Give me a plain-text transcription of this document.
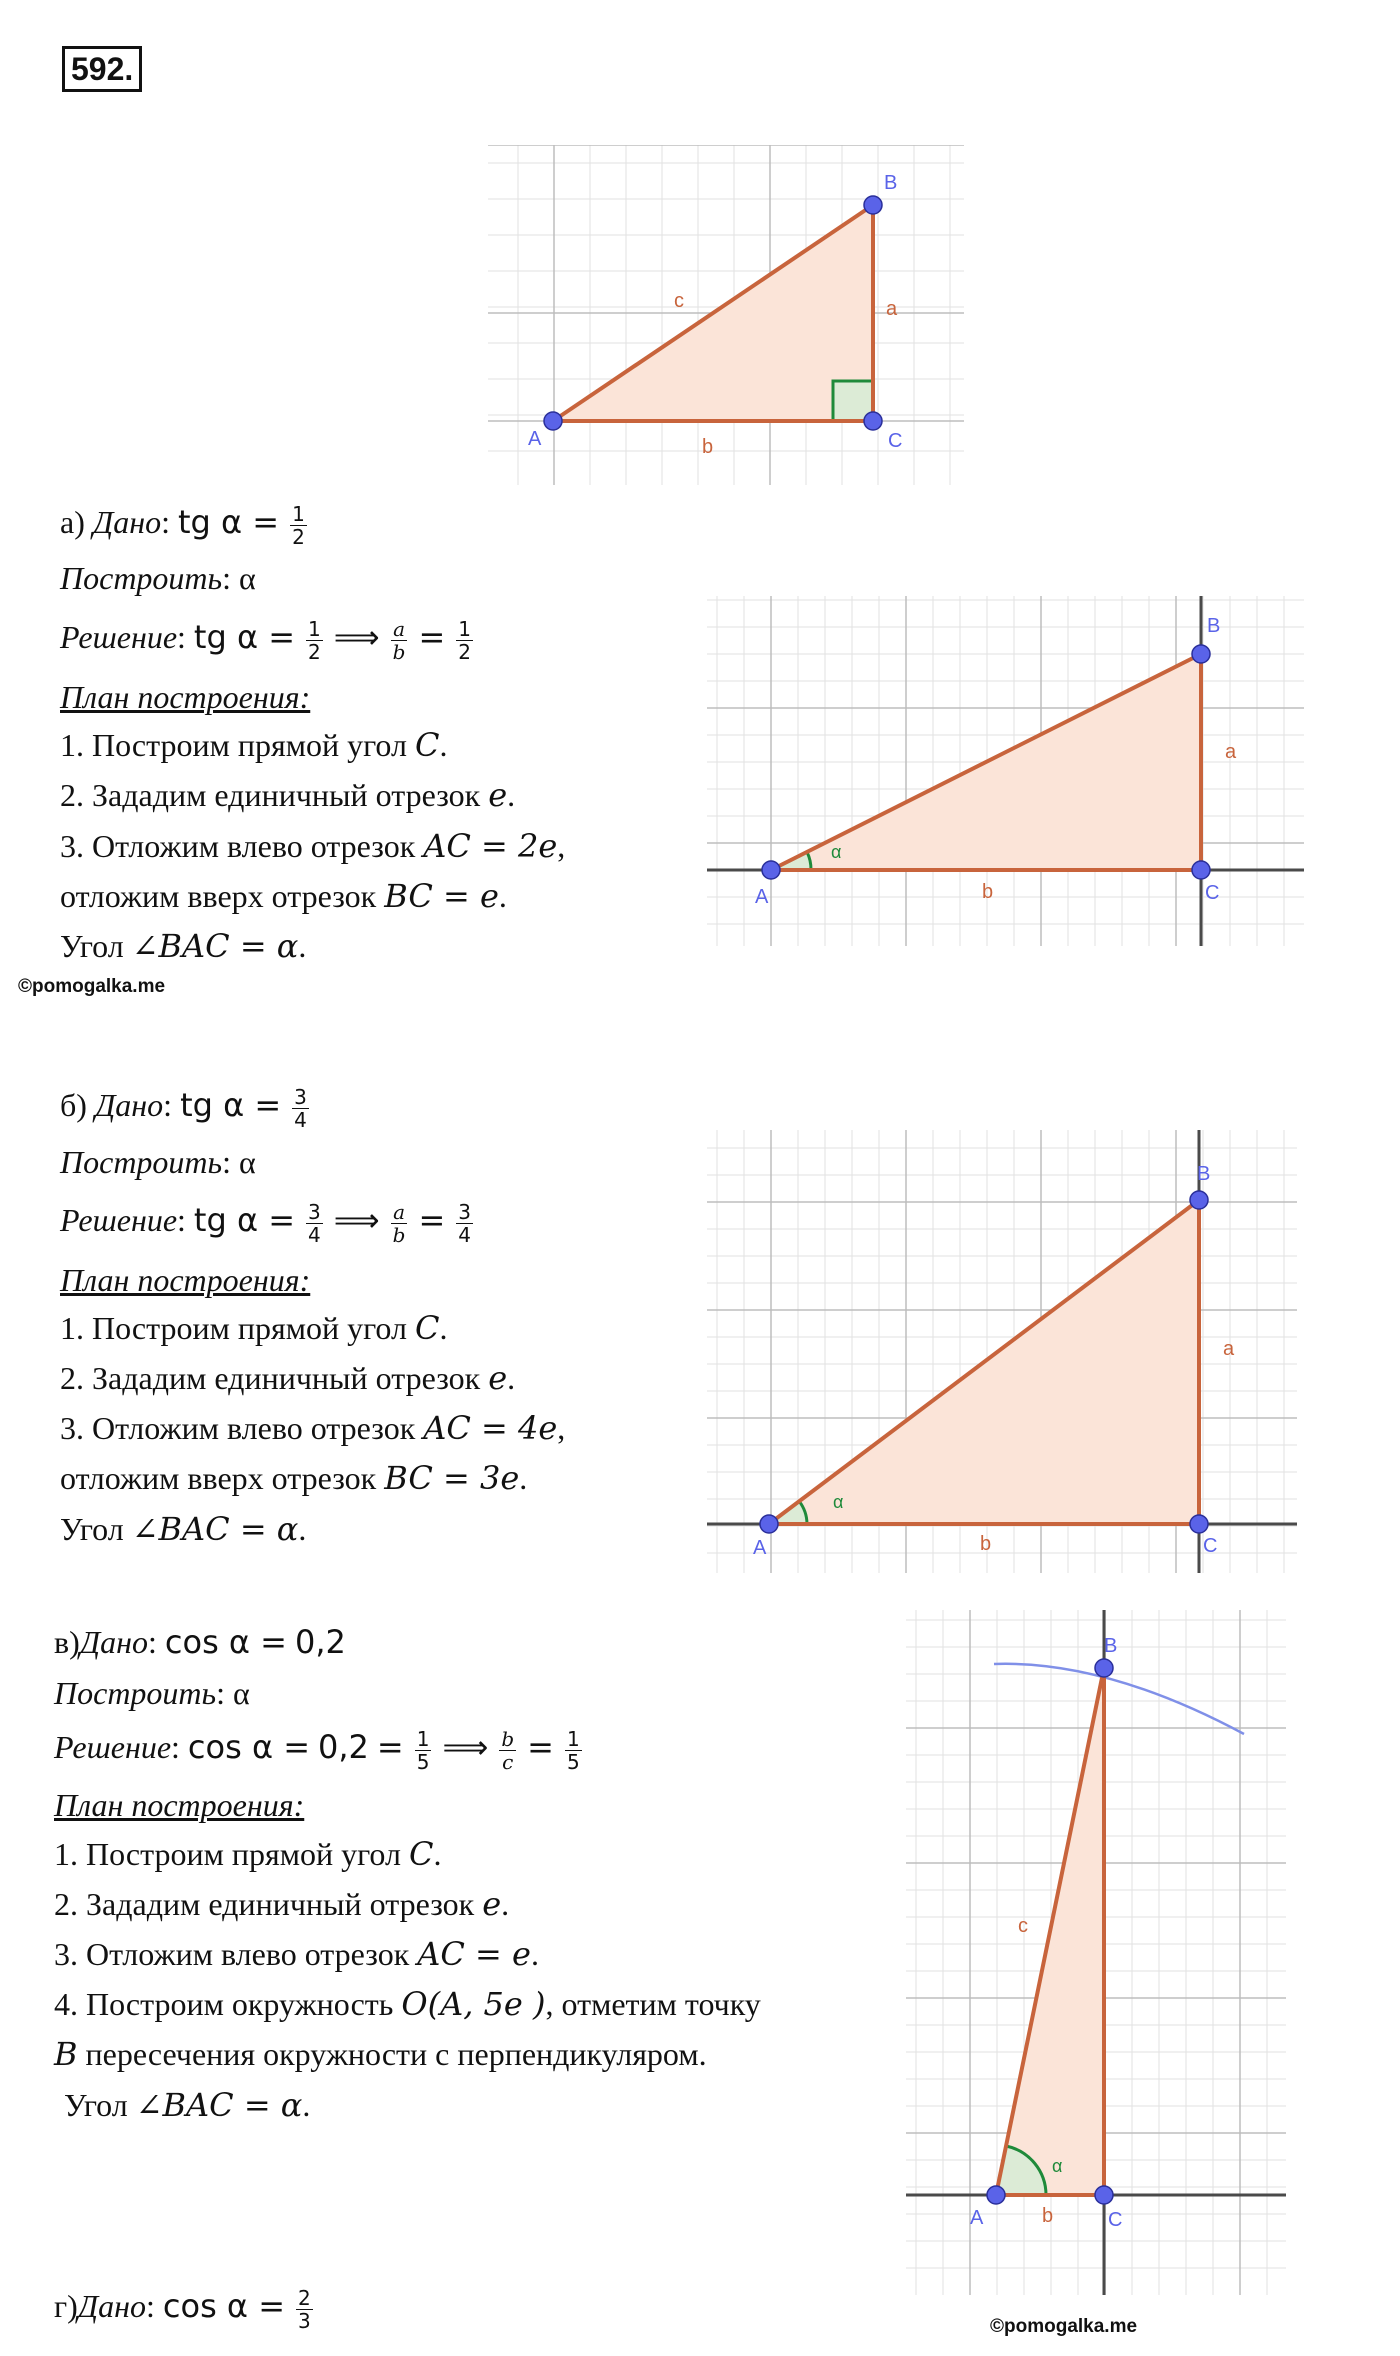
592.
A
B
C
a
b
c
а) Дано: tg $\alpha = \frac{1}{2}$
Построить: α
Решение: tg $\alpha = \frac{1}{2}$ ⟹ $\frac{a}{b} = \frac{1}{2}$
План построения:
1. Построим прямой угол C.
2. Зададим единичный отрезок e.
3. Отложим влево отрезок AC = 2e,
отложим вверх отрезок BC = e.
Угол ∠BAC = α.
©pomogalka.me
A
B
C
a
b
α
б) Дано: tg $\alpha = \frac{3}{4}$
Построить: α
Решение: tg $\alpha = \frac{3}{4}$ ⟹ $\frac{a}{b} = \frac{3}{4}$
План построения:
1. Построим прямой угол C.
2. Зададим единичный отрезок e.
3. Отложим влево отрезок AC = 4e,
отложим вверх отрезок BC = 3e.
Угол ∠BAC = α.
A
B
C
a
b
α
в)Дано: cos α = 0,2
Построить: α
Решение: $\cos \alpha = 0,2 = \frac{1}{5}$ ⟹ $\frac{b}{c} = \frac{1}{5}$
План построения:
1. Построим прямой угол C.
2. Зададим единичный отрезок e.
3. Отложим влево отрезок AC = e.
4. Построим окружность O(A, 5e ), отметим точку
B пересечения окружности с перпендикуляром.
Угол ∠BAC = α.
A
B
C
c
b
α
г)Дано: $\cos \alpha = \frac{2}{3}$	©pomogalka.me
